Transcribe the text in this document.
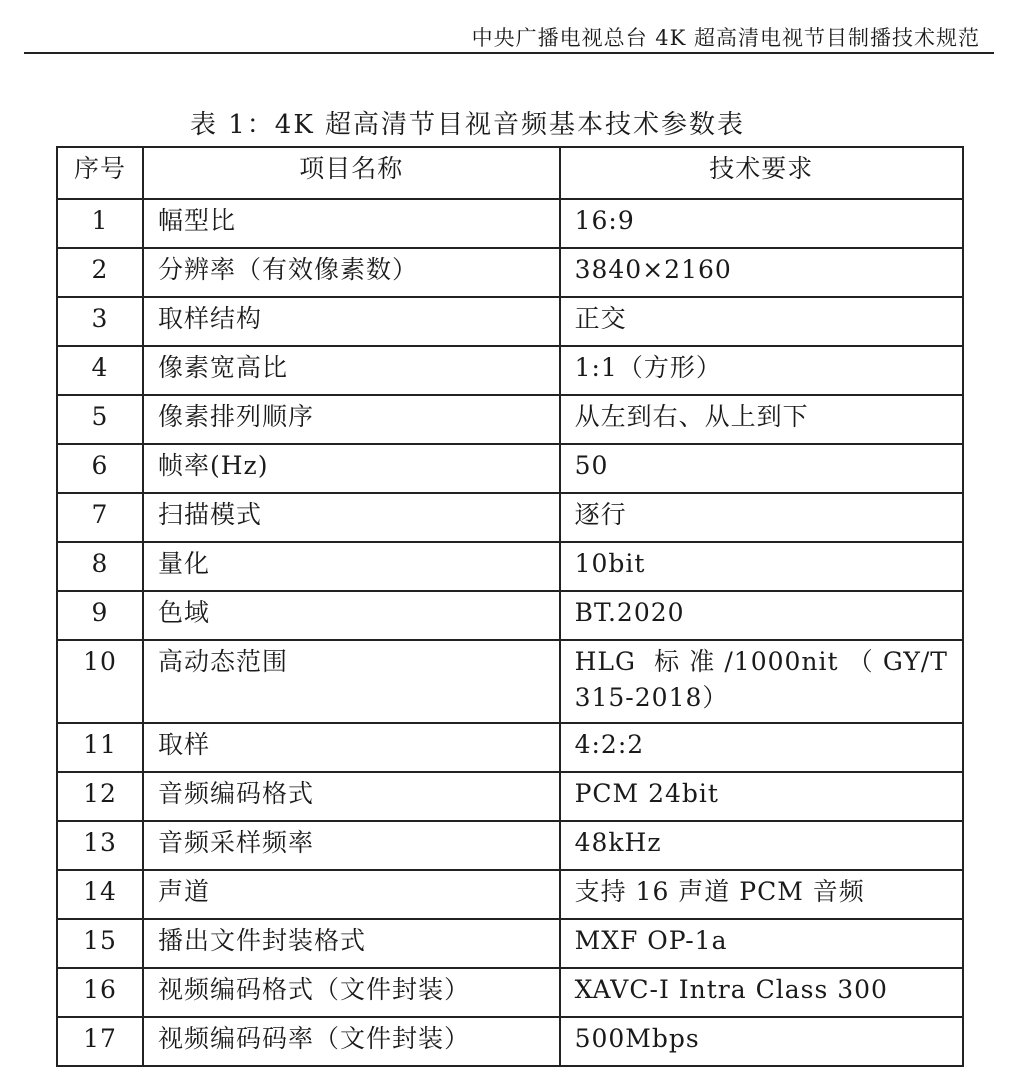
中央广播电视总台 4K 超高清电视节目制播技术规范
表 1：4K 超高清节目视音频基本技术参数表
序号	项目名称	技术要求
1	幅型比	16:9
2	分辨率（有效像素数）	3840×2160
3	取样结构	正交
4	像素宽高比	1:1（方形）
5	像素排列顺序	从左到右、从上到下
6	帧率(Hz)	50
7	扫描模式	逐行
8	量化	10bit
9	色域	BT.2020
10	高动态范围	HLG 标准/1000nit（GY/T 315-2018）
11	取样	4:2:2
12	音频编码格式	PCM 24bit
13	音频采样频率	48kHz
14	声道	支持 16 声道 PCM 音频
15	播出文件封装格式	MXF OP-1a
16	视频编码格式（文件封装）	XAVC-I Intra Class 300
17	视频编码码率（文件封装）	500Mbps
